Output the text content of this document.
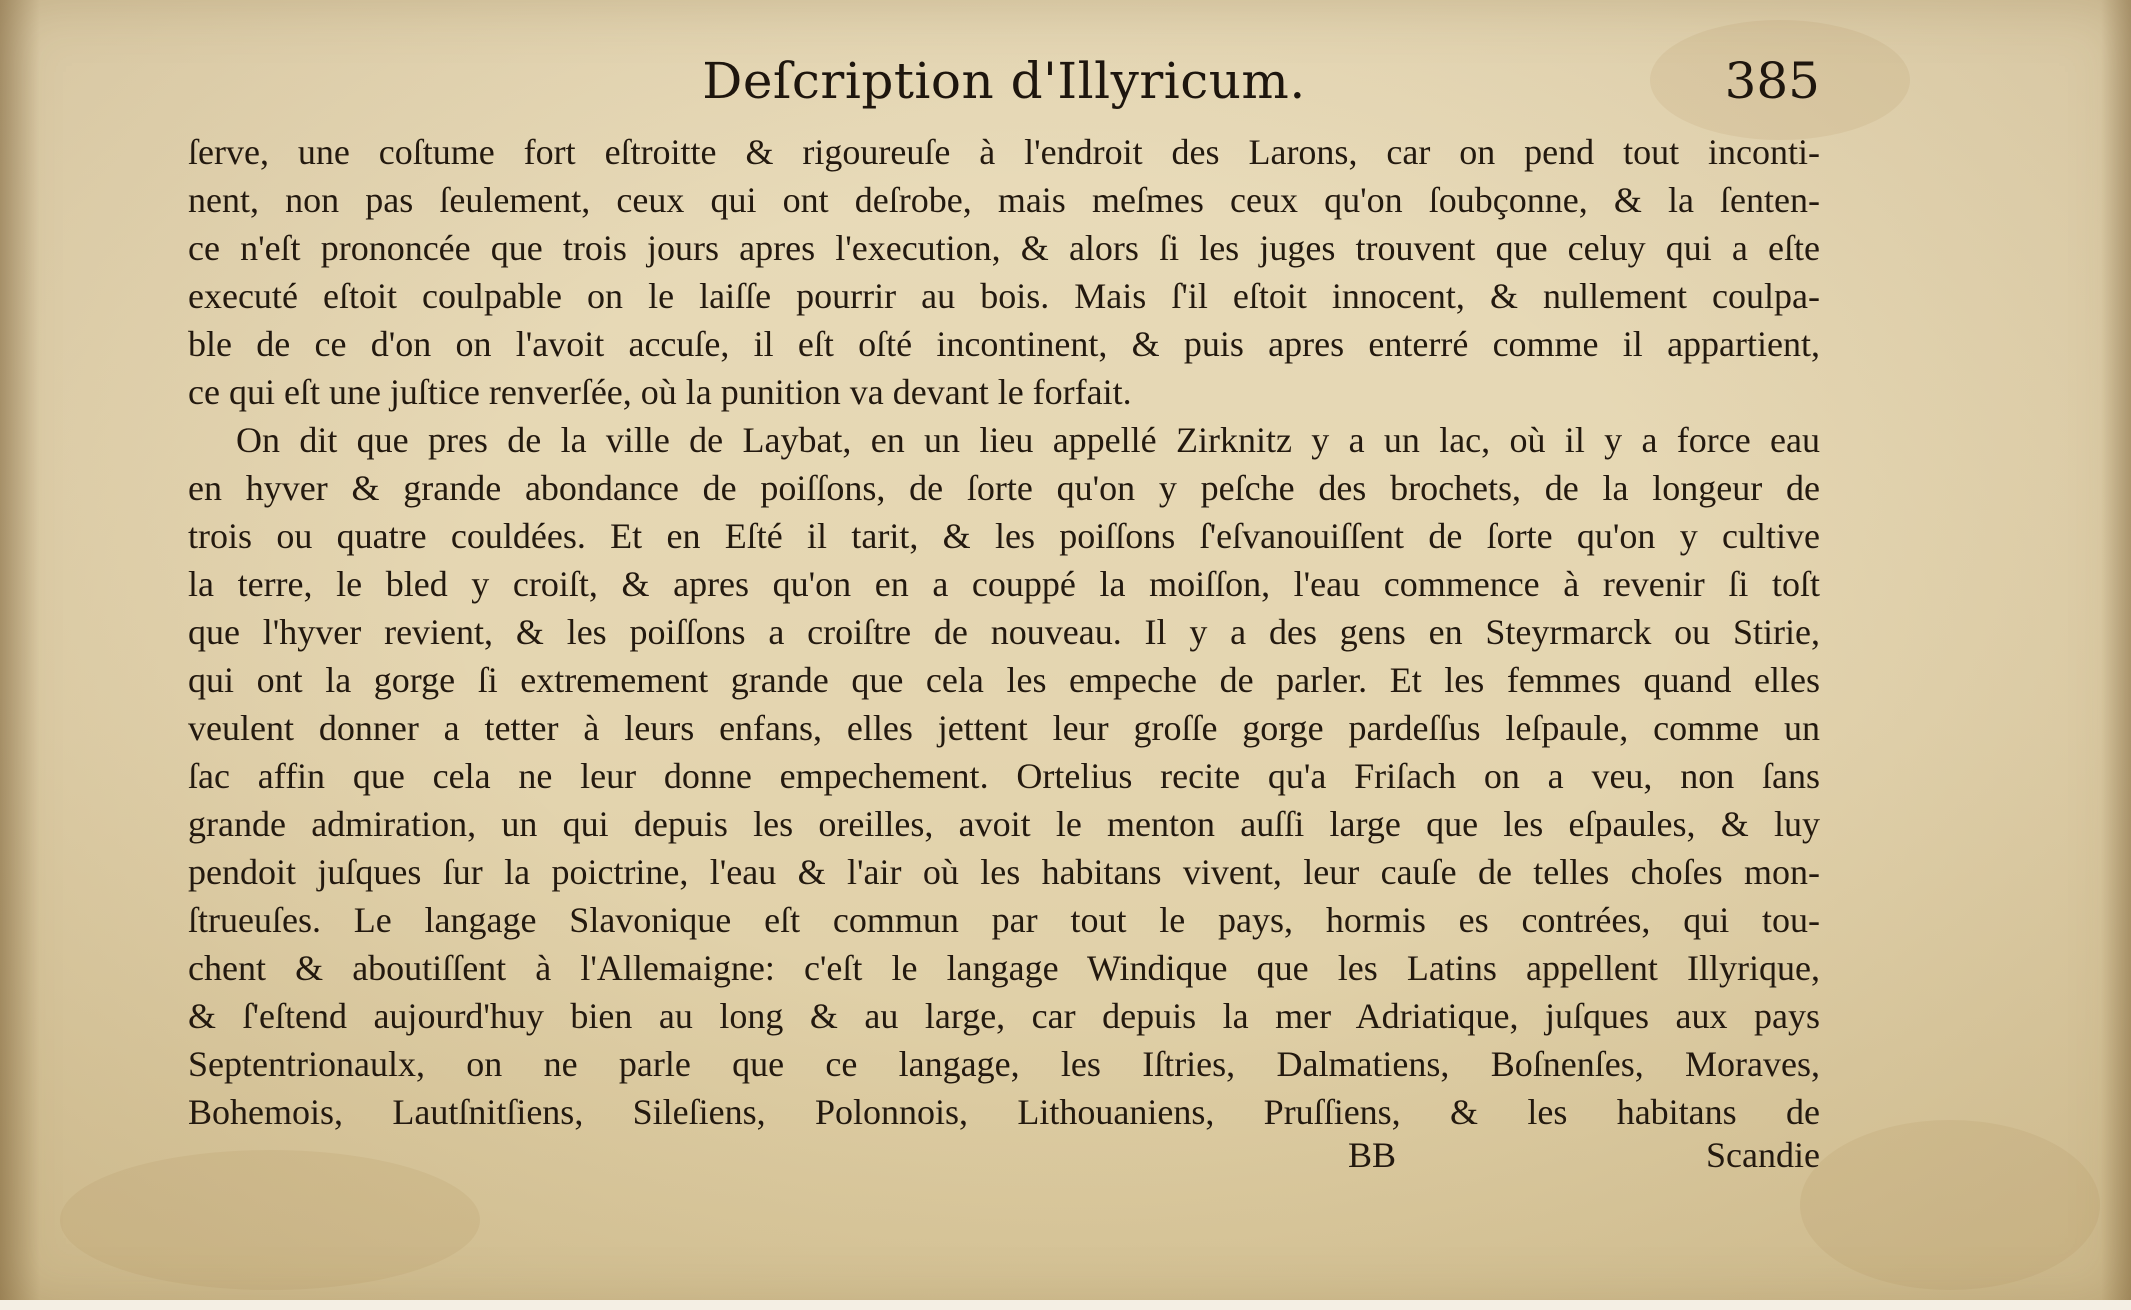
Deſcription d'Illyricum.	385
ſerve, une coſtume fort eſtroitte & rigoureuſe à l'endroit des Larons, car on pend tout inconti-
nent, non pas ſeulement, ceux qui ont deſrobe, mais meſmes ceux qu'on ſoubçonne, & la ſenten-
ce n'eſt prononcée que trois jours apres l'execution, & alors ſi les juges trouvent que celuy qui a eſte
executé eſtoit coulpable on le laiſſe pourrir au bois. Mais ſ'il eſtoit innocent, & nullement coulpa-
ble de ce d'on on l'avoit accuſe, il eſt oſté incontinent, & puis apres enterré comme il appartient,
ce qui eſt une juſtice renverſée, où la punition va devant le forfait.
On dit que pres de la ville de Laybat, en un lieu appellé Zirknitz y a un lac, où il y a force eau
en hyver & grande abondance de poiſſons, de ſorte qu'on y peſche des brochets, de la longeur de
trois ou quatre couldées. Et en Eſté il tarit, & les poiſſons ſ'eſvanouiſſent de ſorte qu'on y cultive
la terre, le bled y croiſt, & apres qu'on en a couppé la moiſſon, l'eau commence à revenir ſi toſt
que l'hyver revient, & les poiſſons a croiſtre de nouveau. Il y a des gens en Steyrmarck ou Stirie,
qui ont la gorge ſi extremement grande que cela les empeche de parler. Et les femmes quand elles
veulent donner a tetter à leurs enfans, elles jettent leur groſſe gorge pardeſſus leſpaule, comme un
ſac affin que cela ne leur donne empechement. Ortelius recite qu'a Friſach on a veu, non ſans
grande admiration, un qui depuis les oreilles, avoit le menton auſſi large que les eſpaules, & luy
pendoit juſques ſur la poictrine, l'eau & l'air où les habitans vivent, leur cauſe de telles choſes mon-
ſtrueuſes. Le langage Slavonique eſt commun par tout le pays, hormis es contrées, qui tou-
chent & aboutiſſent à l'Allemaigne: c'eſt le langage Windique que les Latins appellent Illyrique,
& ſ'eſtend aujourd'huy bien au long & au large, car depuis la mer Adriatique, juſques aux pays
Septentrionaulx, on ne parle que ce langage, les Iſtries, Dalmatiens, Boſnenſes, Moraves,
Bohemois, Lautſnitſiens, Sileſiens, Polonnois, Lithouaniens, Pruſſiens, & les habitans de
BB	Scandie
